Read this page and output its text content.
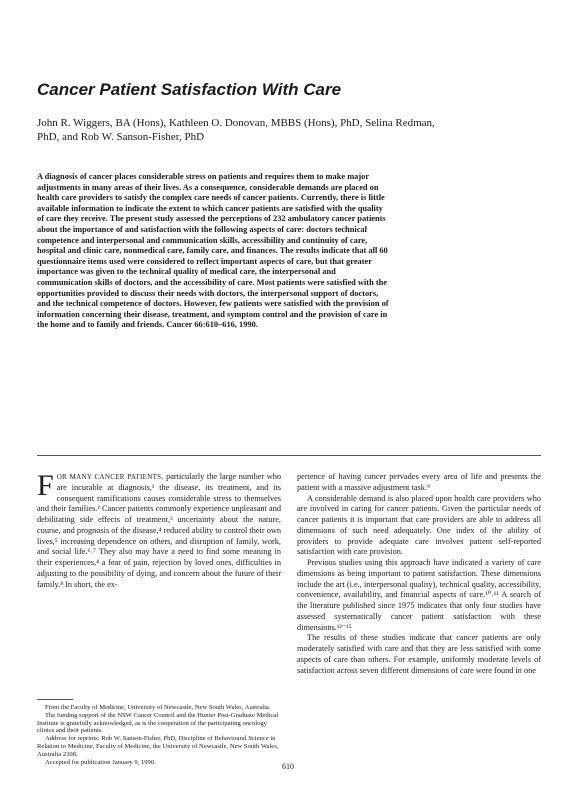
Cancer Patient Satisfaction With Care

John R. Wiggers, BA (Hons), Kathleen O. Donovan, MBBS (Hons), PhD, Selina Redman, PhD, and Rob W. Sanson-Fisher, PhD

A diagnosis of cancer places considerable stress on patients and requires them to make major adjustments in many areas of their lives. As a consequence, considerable demands are placed on health care providers to satisfy the complex care needs of cancer patients. Currently, there is little available information to indicate the extent to which cancer patients are satisfied with the quality of care they receive. The present study assessed the perceptions of 232 ambulatory cancer patients about the importance of and satisfaction with the following aspects of care: doctors technical competence and interpersonal and communication skills, accessibility and continuity of care, hospital and clinic care, nonmedical care, family care, and finances. The results indicate that all 60 questionnaire items used were considered to reflect important aspects of care, but that greater importance was given to the technical quality of medical care, the interpersonal and communication skills of doctors, and the accessibility of care. Most patients were satisfied with the opportunities provided to discuss their needs with doctors, the interpersonal support of doctors, and the technical competence of doctors. However, few patients were satisfied with the provision of information concerning their disease, treatment, and symptom control and the provision of care in the home and to family and friends. Cancer 66:610–616, 1990.

FOR MANY CANCER PATIENTS, particularly the large number who are incurable at diagnosis,¹ the disease, its treatment, and its consequent ramifications causes considerable stress to themselves and their families.² Cancer patients commonly experience unpleasant and debilitating side effects of treatment,³ uncertainty about the nature, course, and prognosis of the disease,⁴ reduced ability to control their own lives,⁵ increasing dependence on others, and disruption of family, work, and social life.⁶˒⁷ They also may have a need to find some meaning in their experiences,⁴ a fear of pain, rejection by loved ones, difficulties in adjusting to the possibility of dying, and concern about the future of their family.⁸ In short, the ex-

perience of having cancer pervades every area of life and presents the patient with a massive adjustment task.⁹

A considerable demand is also placed upon health care providers who are involved in caring for cancer patients. Given the particular needs of cancer patients it is important that care providers are able to address all dimensions of such need adequately. One index of the ability of providers to provide adequate care involves patient self-reported satisfaction with care provision.

Previous studies using this approach have indicated a variety of care dimensions as being important to patient satisfaction. These dimensions include the art (i.e., interpersonal quality), technical quality, accessibility, convenience, availability, and financial aspects of care.¹⁰˒¹¹ A search of the literature published since 1975 indicates that only four studies have assessed systematically cancer patient satisfaction with these dimensions.¹²⁻¹⁵

The results of these studies indicate that cancer patients are only moderately satisfied with care and that they are less satisfied with some aspects of care than others. For example, uniformly moderate levels of satisfaction across seven different dimensions of care were found in one

From the Faculty of Medicine, University of Newcastle, New South Wales, Australia.

The funding support of the NSW Cancer Council and the Hunter Post-Graduate Medical Institute is gratefully acknowledged, as is the cooperation of the participating oncology clinics and their patients.

Address for reprints: Rob W. Sanson-Fisher, PhD, Discipline of Behavioural Science in Relation to Medicine, Faculty of Medicine, the University of Newcastle, New South Wales, Australia 2308.

Accepted for publication January 9, 1990.	610
